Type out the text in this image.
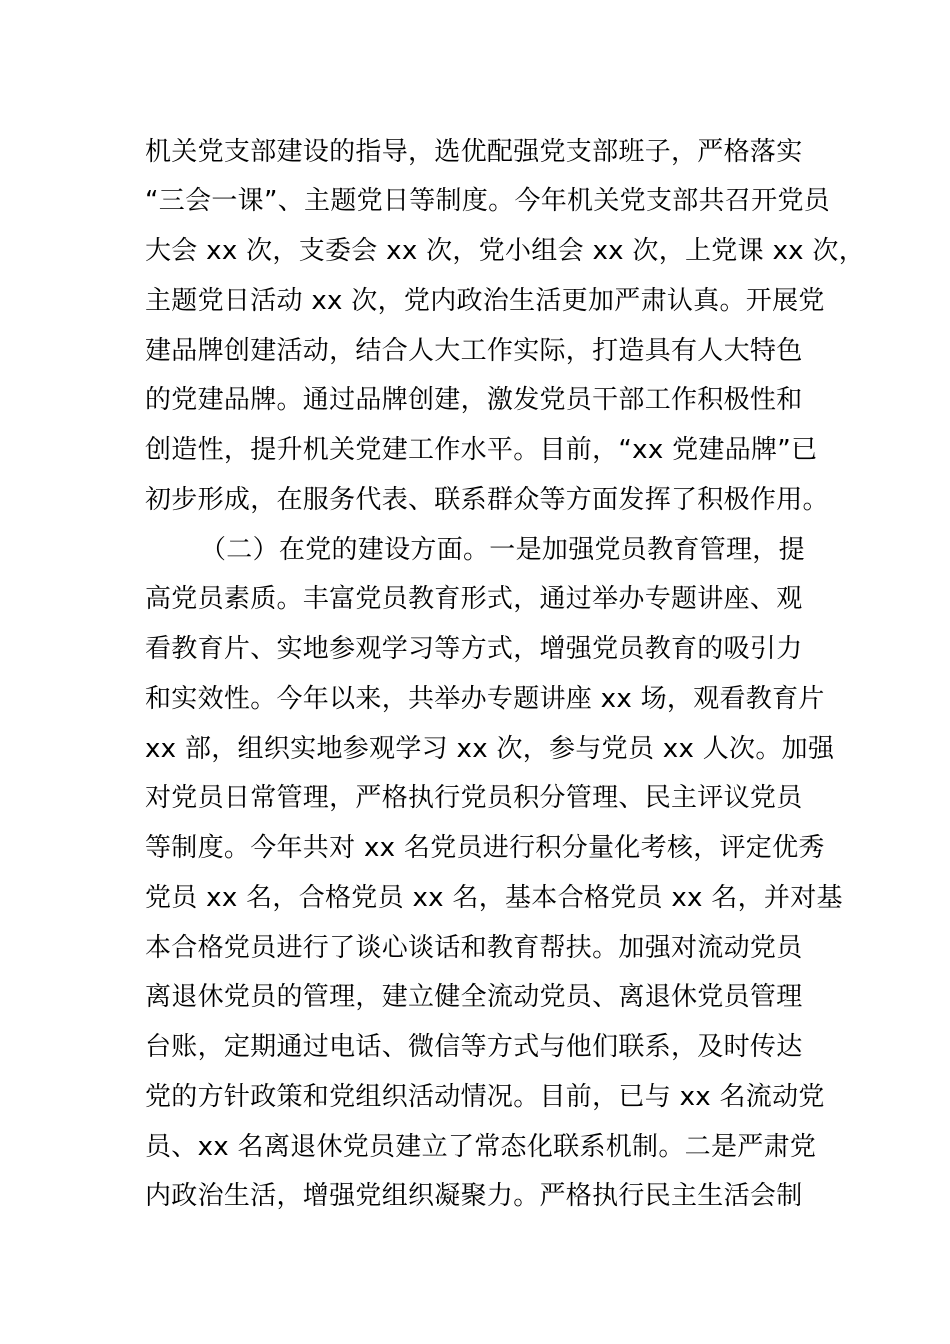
机关党支部建设的指导，选优配强党支部班子，严格落实
“三会一课”、主题党日等制度。今年机关党支部共召开党员
大会 xx 次，支委会 xx 次，党小组会 xx 次，上党课 xx 次，
主题党日活动 xx 次，党内政治生活更加严肃认真。开展党
建品牌创建活动，结合人大工作实际，打造具有人大特色
的党建品牌。通过品牌创建，激发党员干部工作积极性和
创造性，提升机关党建工作水平。目前，“xx 党建品牌”已
初步形成，在服务代表、联系群众等方面发挥了积极作用。
（二）在党的建设方面。一是加强党员教育管理，提
高党员素质。丰富党员教育形式，通过举办专题讲座、观
看教育片、实地参观学习等方式，增强党员教育的吸引力
和实效性。今年以来，共举办专题讲座 xx 场，观看教育片
xx 部，组织实地参观学习 xx 次，参与党员 xx 人次。加强
对党员日常管理，严格执行党员积分管理、民主评议党员
等制度。今年共对 xx 名党员进行积分量化考核，评定优秀
党员 xx 名，合格党员 xx 名，基本合格党员 xx 名，并对基
本合格党员进行了谈心谈话和教育帮扶。加强对流动党员
离退休党员的管理，建立健全流动党员、离退休党员管理
台账，定期通过电话、微信等方式与他们联系，及时传达
党的方针政策和党组织活动情况。目前，已与 xx 名流动党
员、xx 名离退休党员建立了常态化联系机制。二是严肃党
内政治生活，增强党组织凝聚力。严格执行民主生活会制
